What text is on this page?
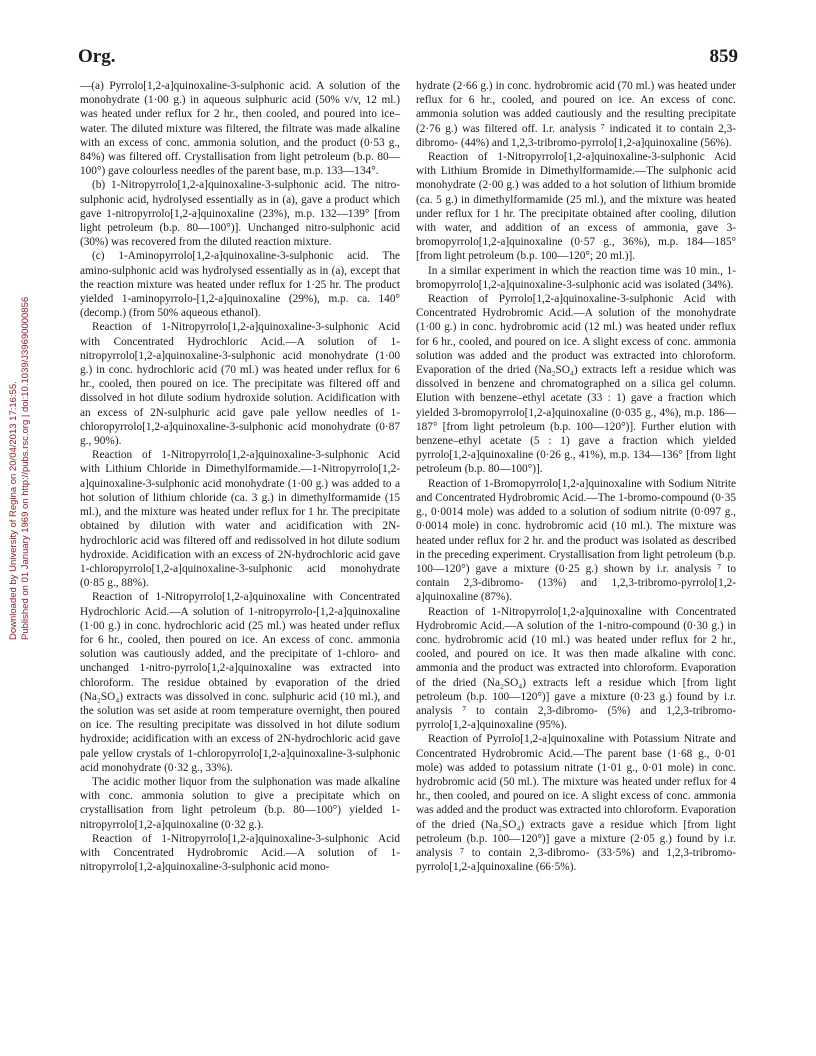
Org.	859
Downloaded by University of Regina on 20/04/2013 17:16:55. Published on 01 January 1969 on http://pubs.rsc.org | doi:10.1039/J39690000856

—(a) Pyrrolo[1,2-a]quinoxaline-3-sulphonic acid. A solution of the monohydrate (1·00 g.) in aqueous sulphuric acid (50% v/v, 12 ml.) was heated under reflux for 2 hr., then cooled, and poured into ice–water. The diluted mixture was filtered, the filtrate was made alkaline with an excess of conc. ammonia solution, and the product (0·53 g., 84%) was filtered off. Crystallisation from light petroleum (b.p. 80—100°) gave colourless needles of the parent base, m.p. 133—134°.

(b) 1-Nitropyrrolo[1,2-a]quinoxaline-3-sulphonic acid. The nitro-sulphonic acid, hydrolysed essentially as in (a), gave a product which gave 1-nitropyrrolo[1,2-a]quinoxaline (23%), m.p. 132—139° [from light petroleum (b.p. 80—100°)]. Unchanged nitro-sulphonic acid (30%) was recovered from the diluted reaction mixture.

(c) 1-Aminopyrrolo[1,2-a]quinoxaline-3-sulphonic acid. The amino-sulphonic acid was hydrolysed essentially as in (a), except that the reaction mixture was heated under reflux for 1·25 hr. The product yielded 1-aminopyrrolo-[1,2-a]quinoxaline (29%), m.p. ca. 140° (decomp.) (from 50% aqueous ethanol).

Reaction of 1-Nitropyrrolo[1,2-a]quinoxaline-3-sulphonic Acid with Concentrated Hydrochloric Acid.—A solution of 1-nitropyrrolo[1,2-a]quinoxaline-3-sulphonic acid monohydrate (1·00 g.) in conc. hydrochloric acid (70 ml.) was heated under reflux for 6 hr., cooled, then poured on ice. The precipitate was filtered off and dissolved in hot dilute sodium hydroxide solution. Acidification with an excess of 2N-sulphuric acid gave pale yellow needles of 1-chloropyrrolo[1,2-a]quinoxaline-3-sulphonic acid monohydrate (0·87 g., 90%).

Reaction of 1-Nitropyrrolo[1,2-a]quinoxaline-3-sulphonic Acid with Lithium Chloride in Dimethylformamide.—1-Nitropyrrolo[1,2-a]quinoxaline-3-sulphonic acid monohydrate (1·00 g.) was added to a hot solution of lithium chloride (ca. 3 g.) in dimethylformamide (15 ml.), and the mixture was heated under reflux for 1 hr. The precipitate obtained by dilution with water and acidification with 2N-hydrochloric acid was filtered off and redissolved in hot dilute sodium hydroxide. Acidification with an excess of 2N-hydrochloric acid gave 1-chloropyrrolo[1,2-a]quinoxaline-3-sulphonic acid monohydrate (0·85 g., 88%).

Reaction of 1-Nitropyrrolo[1,2-a]quinoxaline with Concentrated Hydrochloric Acid.—A solution of 1-nitropyrrolo-[1,2-a]quinoxaline (1·00 g.) in conc. hydrochloric acid (25 ml.) was heated under reflux for 6 hr., cooled, then poured on ice. An excess of conc. ammonia solution was cautiously added, and the precipitate of 1-chloro- and unchanged 1-nitro-pyrrolo[1,2-a]quinoxaline was extracted into chloroform. The residue obtained by evaporation of the dried (Na₂SO₄) extracts was dissolved in conc. sulphuric acid (10 ml.), and the solution was set aside at room temperature overnight, then poured on ice. The resulting precipitate was dissolved in hot dilute sodium hydroxide; acidification with an excess of 2N-hydrochloric acid gave pale yellow crystals of 1-chloropyrrolo[1,2-a]quinoxaline-3-sulphonic acid monohydrate (0·32 g., 33%).

The acidic mother liquor from the sulphonation was made alkaline with conc. ammonia solution to give a precipitate which on crystallisation from light petroleum (b.p. 80—100°) yielded 1-nitropyrrolo[1,2-a]quinoxaline (0·32 g.).

Reaction of 1-Nitropyrrolo[1,2-a]quinoxaline-3-sulphonic Acid with Concentrated Hydrobromic Acid.—A solution of 1-nitropyrrolo[1,2-a]quinoxaline-3-sulphonic acid mono-

hydrate (2·66 g.) in conc. hydrobromic acid (70 ml.) was heated under reflux for 6 hr., cooled, and poured on ice. An excess of conc. ammonia solution was added cautiously and the resulting precipitate (2·76 g.) was filtered off. I.r. analysis ⁷ indicated it to contain 2,3-dibromo- (44%) and 1,2,3-tribromo-pyrrolo[1,2-a]quinoxaline (56%).

Reaction of 1-Nitropyrrolo[1,2-a]quinoxaline-3-sulphonic Acid with Lithium Bromide in Dimethylformamide.—The sulphonic acid monohydrate (2·00 g.) was added to a hot solution of lithium bromide (ca. 5 g.) in dimethylformamide (25 ml.), and the mixture was heated under reflux for 1 hr. The precipitate obtained after cooling, dilution with water, and addition of an excess of ammonia, gave 3-bromopyrrolo[1,2-a]quinoxaline (0·57 g., 36%), m.p. 184—185° [from light petroleum (b.p. 100—120°; 20 ml.)].

In a similar experiment in which the reaction time was 10 min., 1-bromopyrrolo[1,2-a]quinoxaline-3-sulphonic acid was isolated (34%).

Reaction of Pyrrolo[1,2-a]quinoxaline-3-sulphonic Acid with Concentrated Hydrobromic Acid.—A solution of the monohydrate (1·00 g.) in conc. hydrobromic acid (12 ml.) was heated under reflux for 6 hr., cooled, and poured on ice. A slight excess of conc. ammonia solution was added and the product was extracted into chloroform. Evaporation of the dried (Na₂SO₄) extracts left a residue which was dissolved in benzene and chromatographed on a silica gel column. Elution with benzene–ethyl acetate (33 : 1) gave a fraction which yielded 3-bromopyrrolo[1,2-a]quinoxaline (0·035 g., 4%), m.p. 186—187° [from light petroleum (b.p. 100—120°)]. Further elution with benzene–ethyl acetate (5 : 1) gave a fraction which yielded pyrrolo[1,2-a]quinoxaline (0·26 g., 41%), m.p. 134—136° [from light petroleum (b.p. 80—100°)].

Reaction of 1-Bromopyrrolo[1,2-a]quinoxaline with Sodium Nitrite and Concentrated Hydrobromic Acid.—The 1-bromo-compound (0·35 g., 0·0014 mole) was added to a solution of sodium nitrite (0·097 g., 0·0014 mole) in conc. hydrobromic acid (10 ml.). The mixture was heated under reflux for 2 hr. and the product was isolated as described in the preceding experiment. Crystallisation from light petroleum (b.p. 100—120°) gave a mixture (0·25 g.) shown by i.r. analysis ⁷ to contain 2,3-dibromo- (13%) and 1,2,3-tribromo-pyrrolo[1,2-a]quinoxaline (87%).

Reaction of 1-Nitropyrrolo[1,2-a]quinoxaline with Concentrated Hydrobromic Acid.—A solution of the 1-nitro-compound (0·30 g.) in conc. hydrobromic acid (10 ml.) was heated under reflux for 2 hr., cooled, and poured on ice. It was then made alkaline with conc. ammonia and the product was extracted into chloroform. Evaporation of the dried (Na₂SO₄) extracts left a residue which [from light petroleum (b.p. 100—120°)] gave a mixture (0·23 g.) found by i.r. analysis ⁷ to contain 2,3-dibromo- (5%) and 1,2,3-tribromo-pyrrolo[1,2-a]quinoxaline (95%).

Reaction of Pyrrolo[1,2-a]quinoxaline with Potassium Nitrate and Concentrated Hydrobromic Acid.—The parent base (1·68 g., 0·01 mole) was added to potassium nitrate (1·01 g., 0·01 mole) in conc. hydrobromic acid (50 ml.). The mixture was heated under reflux for 4 hr., then cooled, and poured on ice. A slight excess of conc. ammonia was added and the product was extracted into chloroform. Evaporation of the dried (Na₂SO₄) extracts gave a residue which [from light petroleum (b.p. 100—120°)] gave a mixture (2·05 g.) found by i.r. analysis ⁷ to contain 2,3-dibromo- (33·5%) and 1,2,3-tribromo-pyrrolo[1,2-a]quinoxaline (66·5%).
